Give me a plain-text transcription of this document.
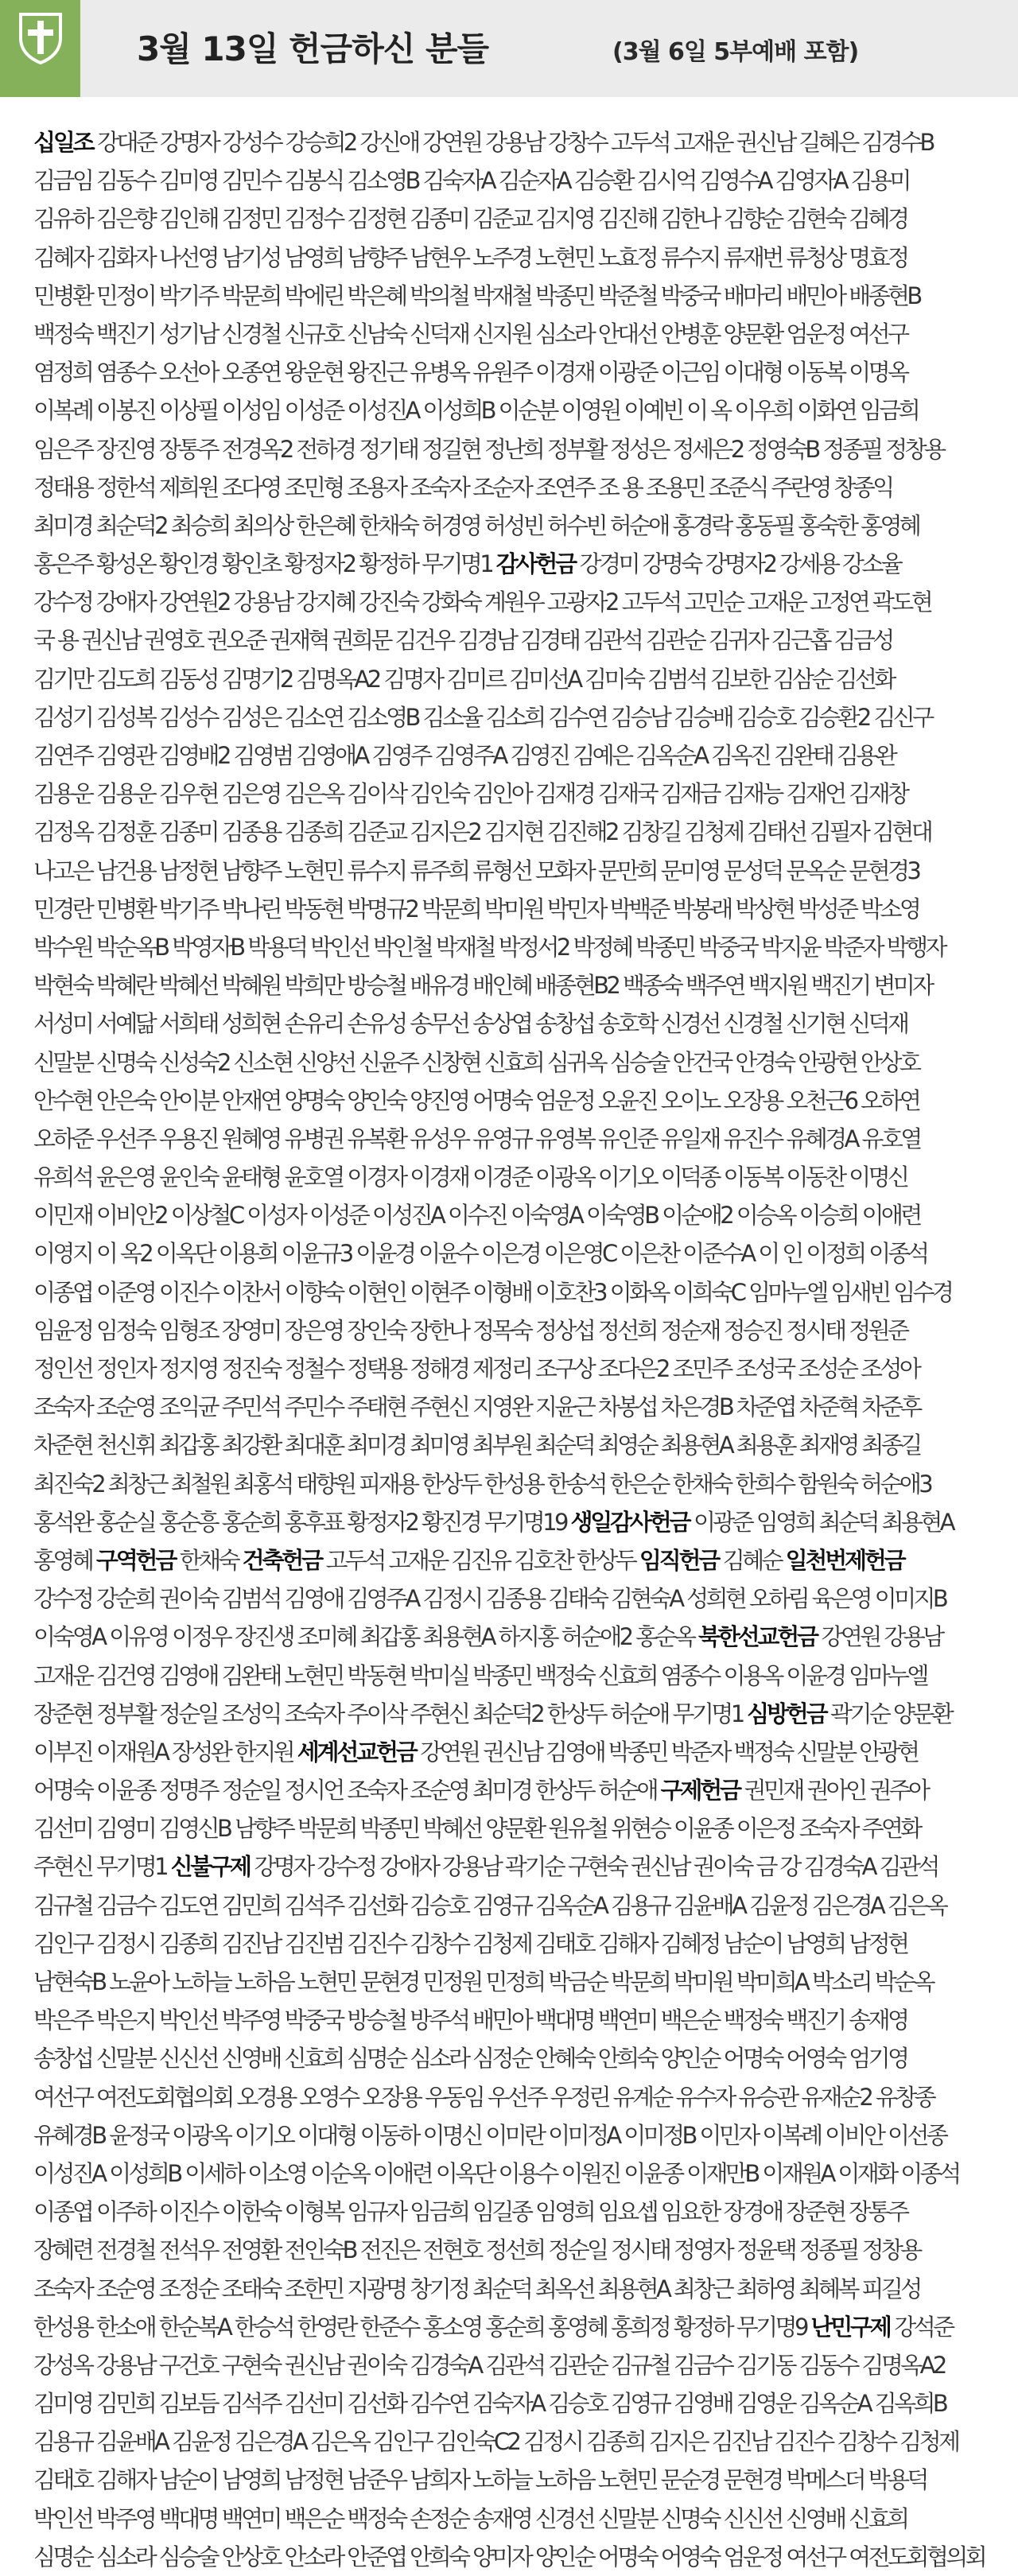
3월 13일 헌금하신 분들	(3월 6일 5부예배 포함)
십일조 강대준 강명자 강성수 강승희2 강신애 강연원 강용남 강창수 고두석 고재운 권신남 길혜은 김경수B
김금임 김동수 김미영 김민수 김봉식 김소영B 김숙자A 김순자A 김승환 김시억 김영수A 김영자A 김용미
김유하 김은향 김인해 김정민 김정수 김정현 김종미 김준교 김지영 김진해 김한나 김향순 김현숙 김혜경
김혜자 김화자 나선영 남기성 남영희 남향주 남현우 노주경 노현민 노효정 류수지 류재번 류청상 명효정
민병환 민정이 박기주 박문희 박에린 박은혜 박의철 박재철 박종민 박준철 박중국 배마리 배민아 배종현B
백정숙 백진기 성기남 신경철 신규호 신남숙 신덕재 신지원 심소라 안대선 안병훈 양문환 엄운정 여선구
염정희 염종수 오선아 오종연 왕운현 왕진근 유병옥 유원주 이경재 이광준 이근임 이대형 이동복 이명옥
이복례 이봉진 이상필 이성임 이성준 이성진A 이성희B 이순분 이영원 이예빈 이 옥 이우희 이화연 임금희
임은주 장진영 장통주 전경옥2 전하경 정기태 정길현 정난희 정부활 정성은 정세은2 정영숙B 정종필 정창용
정태용 정한석 제희원 조다영 조민형 조용자 조숙자 조순자 조연주 조 용 조용민 조준식 주란영 창종익
최미경 최순덕2 최승희 최의상 한은혜 한채숙 허경영 허성빈 허수빈 허순애 홍경락 홍동필 홍숙한 홍영혜
홍은주 황성온 황인경 황인초 황정자2 황정하 무기명1 감사헌금 강경미 강명숙 강명자2 강세용 강소율
강수정 강애자 강연원2 강용남 강지혜 강진숙 강화숙 계원우 고광자2 고두석 고민순 고재운 고정연 곽도현
국 용 권신남 권영호 권오준 권재혁 권희문 김건우 김경남 김경태 김관석 김관순 김귀자 김근홉 김금성
김기만 김도희 김동성 김명기2 김명옥A2 김명자 김미르 김미선A 김미숙 김범석 김보한 김삼순 김선화
김성기 김성복 김성수 김성은 김소연 김소영B 김소율 김소희 김수연 김승남 김승배 김승호 김승환2 김신구
김연주 김영관 김영배2 김영범 김영애A 김영주 김영주A 김영진 김예은 김옥순A 김옥진 김완태 김용완
김용운 김용운 김우현 김은영 김은옥 김이삭 김인숙 김인아 김재경 김재국 김재금 김재능 김재언 김재창
김정옥 김정훈 김종미 김종용 김종희 김준교 김지은2 김지현 김진해2 김창길 김청제 김태선 김필자 김현대
나고은 남건용 남정현 남향주 노현민 류수지 류주희 류형선 모화자 문만희 문미영 문성덕 문옥순 문현경3
민경란 민병환 박기주 박나린 박동현 박명규2 박문희 박미원 박민자 박백준 박봉래 박상현 박성준 박소영
박수원 박순옥B 박영자B 박용덕 박인선 박인철 박재철 박정서2 박정혜 박종민 박중국 박지윤 박준자 박행자
박현숙 박혜란 박혜선 박혜원 박희만 방승철 배유경 배인혜 배종현B2 백종숙 백주연 백지원 백진기 변미자
서성미 서예닮 서희태 성희현 손유리 손유성 송무선 송상엽 송창섭 송호학 신경선 신경철 신기현 신덕재
신말분 신명숙 신성숙2 신소현 신양선 신윤주 신창현 신효희 심귀옥 심승술 안건국 안경숙 안광현 안상호
안수현 안은숙 안이분 안재연 양명숙 양인숙 양진영 어명숙 엄운정 오윤진 오이노 오장용 오천근6 오하연
오하준 우선주 우용진 원혜영 유병권 유복환 유성우 유영규 유영복 유인준 유일재 유진수 유혜경A 유호열
유희석 윤은영 윤인숙 윤태형 윤호열 이경자 이경재 이경준 이광옥 이기오 이덕종 이동복 이동찬 이명신
이민재 이비안2 이상철C 이성자 이성준 이성진A 이수진 이숙영A 이숙영B 이순애2 이승옥 이승희 이애련
이영지 이 옥2 이옥단 이용희 이윤규3 이윤경 이윤수 이은경 이은영C 이은찬 이준수A 이 인 이정희 이종석
이종엽 이준영 이진수 이찬서 이향숙 이현인 이현주 이형배 이호찬3 이화옥 이희숙C 임마누엘 임새빈 임수경
임윤정 임정숙 임형조 장영미 장은영 장인숙 장한나 정목숙 정상섭 정선희 정순재 정승진 정시태 정원준
정인선 정인자 정지영 정진숙 정철수 정택용 정해경 제정리 조구상 조다은2 조민주 조성국 조성순 조성아
조숙자 조순영 조익균 주민석 주민수 주태현 주현신 지영완 지윤근 차봉섭 차은경B 차준엽 차준혁 차준후
차준현 천신휘 최갑홍 최강환 최대훈 최미경 최미영 최부원 최순덕 최영순 최용현A 최용훈 최재영 최종길
최진숙2 최창근 최철원 최홍석 태향원 피재용 한상두 한성용 한송석 한은순 한채숙 한희수 함원숙 허순애3
홍석완 홍순실 홍순흥 홍순희 홍후표 황정자2 황진경 무기명19 생일감사헌금 이광준 임영희 최순덕 최용현A
홍영혜 구역헌금 한채숙 건축헌금 고두석 고재운 김진유 김호찬 한상두 임직헌금 김혜순 일천번제헌금
강수정 강순희 권이숙 김범석 김영애 김영주A 김정시 김종용 김태숙 김현숙A 성희현 오하림 육은영 이미지B
이숙영A 이유영 이정우 장진생 조미혜 최갑홍 최용현A 하지홍 허순애2 홍순옥 북한선교헌금 강연원 강용남
고재운 김건영 김영애 김완태 노현민 박동현 박미실 박종민 백정숙 신효희 염종수 이용옥 이윤경 임마누엘
장준현 정부활 정순일 조성익 조숙자 주이삭 주현신 최순덕2 한상두 허순애 무기명1 심방헌금 곽기순 양문환
이부진 이재원A 장성완 한지원 세계선교헌금 강연원 권신남 김영애 박종민 박준자 백정숙 신말분 안광현
어명숙 이윤종 정명주 정순일 정시언 조숙자 조순영 최미경 한상두 허순애 구제헌금 권민재 권아인 권주아
김선미 김영미 김영신B 남향주 박문희 박종민 박혜선 양문환 원유철 위현승 이윤종 이은정 조숙자 주연화
주현신 무기명1 신불구제 강명자 강수정 강애자 강용남 곽기순 구현숙 권신남 권이숙 금 강 김경숙A 김관석
김규철 김금수 김도연 김민희 김석주 김선화 김승호 김영규 김옥순A 김용규 김윤배A 김윤정 김은경A 김은옥
김인구 김정시 김종희 김진남 김진범 김진수 김창수 김청제 김태호 김해자 김혜정 남순이 남영희 남정현
남현숙B 노윤아 노하늘 노하음 노현민 문현경 민정원 민정희 박금순 박문희 박미원 박미희A 박소리 박순옥
박은주 박은지 박인선 박주영 박중국 방승철 방주석 배민아 백대명 백연미 백은순 백정숙 백진기 송재영
송창섭 신말분 신신선 신영배 신효희 심명순 심소라 심정순 안혜숙 안희숙 양인순 어명숙 어영숙 엄기영
여선구 여전도회협의회 오경용 오영수 오장용 우동임 우선주 우정린 유계순 유수자 유승관 유재순2 유창종
유혜경B 윤정국 이광옥 이기오 이대형 이동하 이명신 이미란 이미정A 이미정B 이민자 이복례 이비안 이선종
이성진A 이성희B 이세하 이소영 이순옥 이애련 이옥단 이용수 이원진 이윤종 이재만B 이재원A 이재화 이종석
이종엽 이주하 이진수 이한숙 이형복 임규자 임금희 임길종 임영희 임요셉 임요한 장경애 장준현 장통주
장혜련 전경철 전석우 전영환 전인숙B 전진은 전현호 정선희 정순일 정시태 정영자 정윤택 정종필 정창용
조숙자 조순영 조정순 조태숙 조한민 지광명 창기정 최순덕 최옥선 최용현A 최창근 최하영 최혜복 피길성
한성용 한소애 한순복A 한승석 한영란 한준수 홍소영 홍순희 홍영혜 홍희정 황정하 무기명9 난민구제 강석준
강성옥 강용남 구건호 구현숙 권신남 권이숙 김경숙A 김관석 김관순 김규철 김금수 김기동 김동수 김명옥A2
김미영 김민희 김보듬 김석주 김선미 김선화 김수연 김숙자A 김승호 김영규 김영배 김영운 김옥순A 김옥희B
김용규 김윤배A 김윤정 김은경A 김은옥 김인구 김인숙C2 김정시 김종희 김지은 김진남 김진수 김창수 김청제
김태호 김해자 남순이 남영희 남정현 남준우 남희자 노하늘 노하음 노현민 문순경 문현경 박메스더 박용덕
박인선 박주영 백대명 백연미 백은순 백정숙 손정순 송재영 신경선 신말분 신명숙 신신선 신영배 신효희
심명순 심소라 심승술 안상호 안소라 안준엽 안희숙 양미자 양인순 어명숙 어영숙 엄운정 여선구 여전도회협의회
